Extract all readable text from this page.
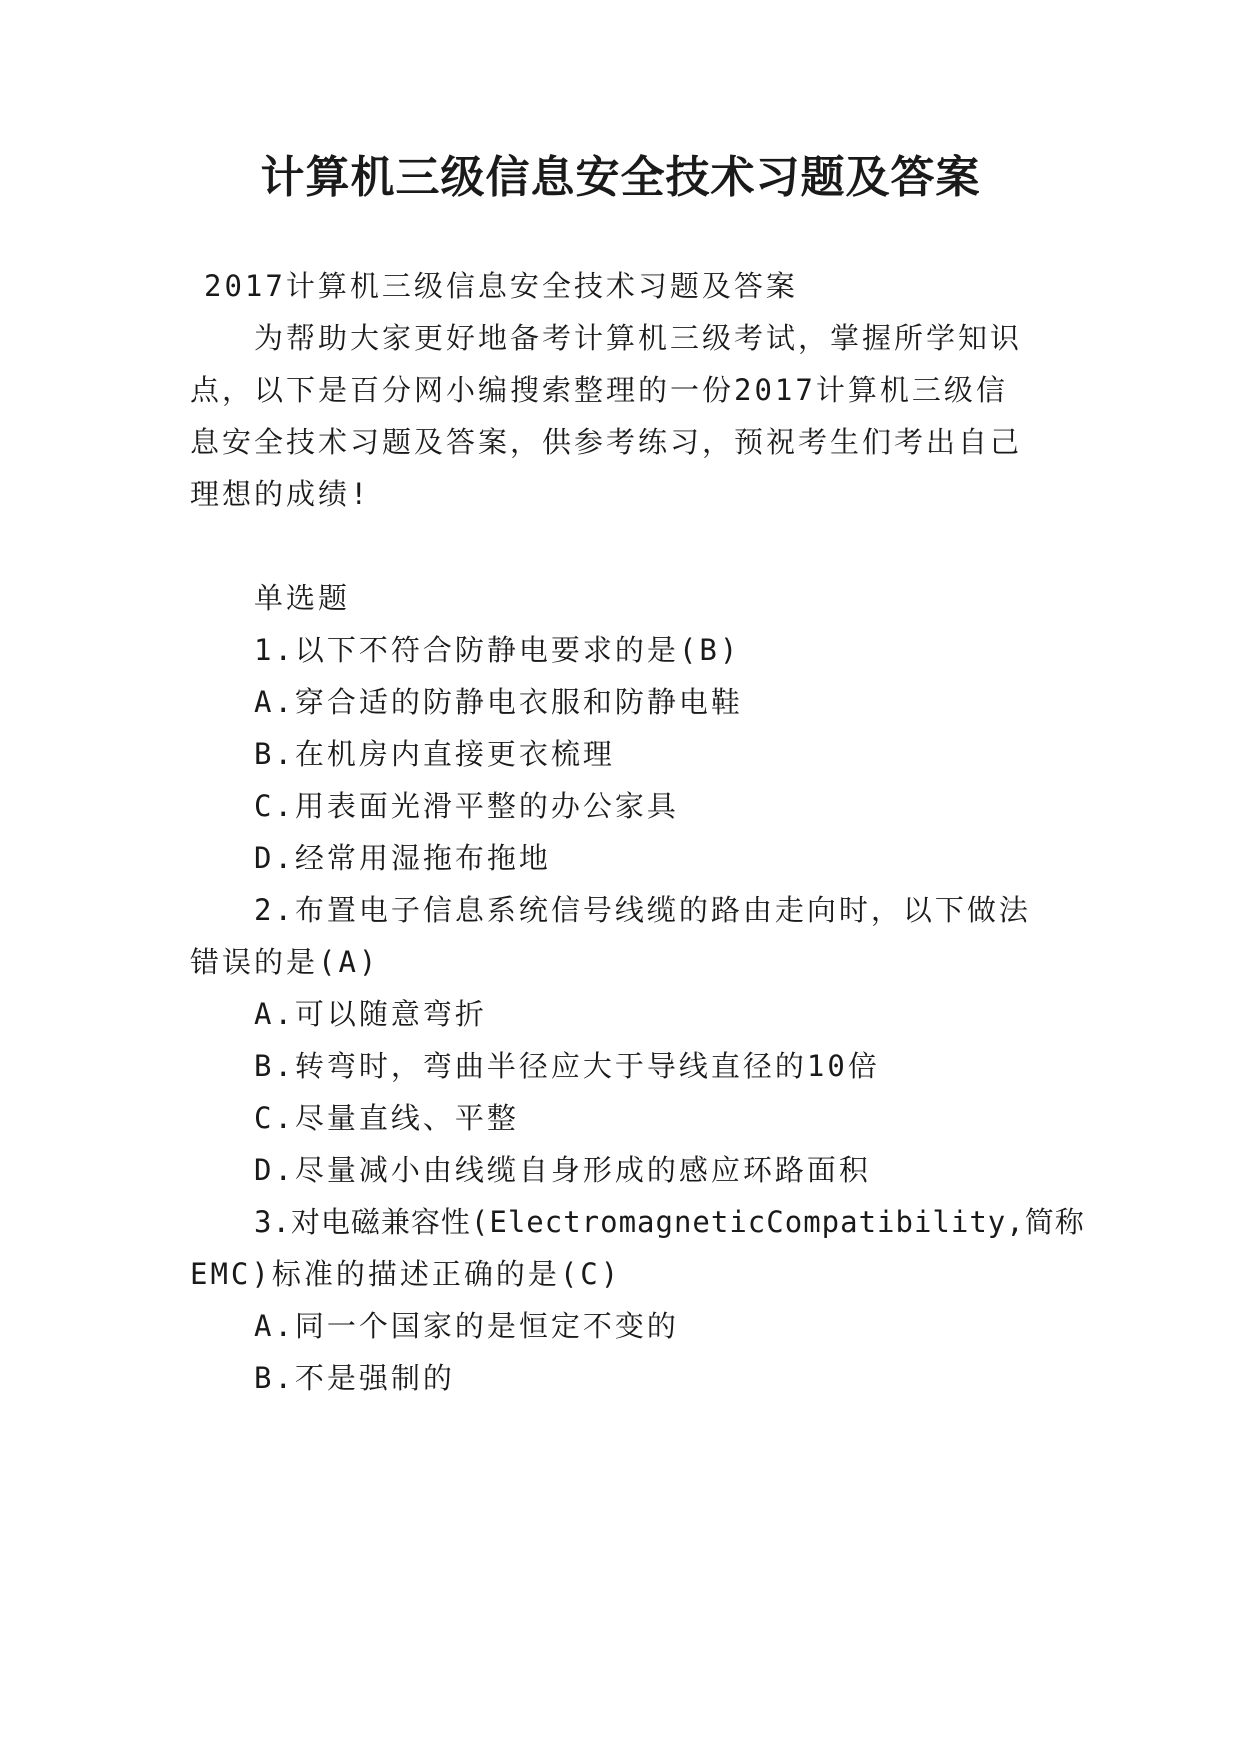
计算机三级信息安全技术习题及答案
2017计算机三级信息安全技术习题及答案
为帮助大家更好地备考计算机三级考试，掌握所学知识
点，以下是百分网小编搜索整理的一份2017计算机三级信
息安全技术习题及答案，供参考练习，预祝考生们考出自己
理想的成绩!
单选题
1.以下不符合防静电要求的是(B)
A.穿合适的防静电衣服和防静电鞋
B.在机房内直接更衣梳理
C.用表面光滑平整的办公家具
D.经常用湿拖布拖地
2.布置电子信息系统信号线缆的路由走向时，以下做法
错误的是(A)
A.可以随意弯折
B.转弯时，弯曲半径应大于导线直径的10倍
C.尽量直线、平整
D.尽量减小由线缆自身形成的感应环路面积
3.对电磁兼容性(ElectromagneticCompatibility,简称
EMC)标准的描述正确的是(C)
A.同一个国家的是恒定不变的
B.不是强制的
